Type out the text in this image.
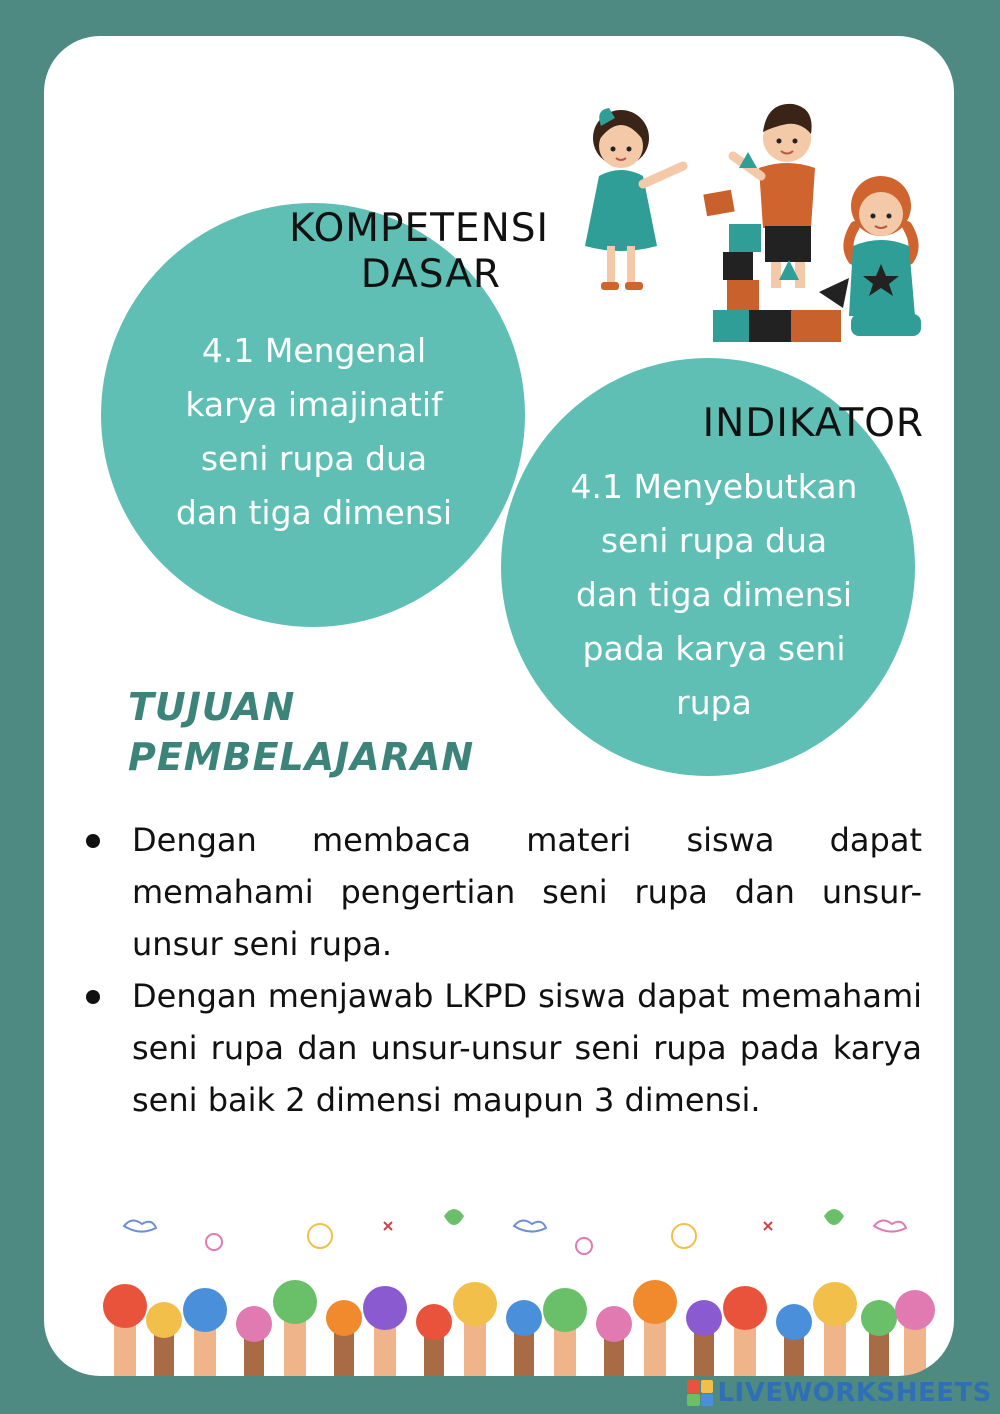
KOMPETENSI
DASAR
4.1 Mengenal
karya imajinatif
seni rupa dua
dan tiga dimensi
INDIKATOR
4.1 Menyebutkan
seni rupa dua
dan tiga dimensi
pada karya seni
rupa
TUJUAN
PEMBELAJARAN
Dengan membaca materi siswa dapat memahami pengertian seni rupa dan unsur-unsur seni rupa.
Dengan menjawab LKPD siswa dapat memahami seni rupa dan unsur-unsur seni rupa pada karya seni baik 2 dimensi maupun 3 dimensi.
LIVEWORKSHEETS
